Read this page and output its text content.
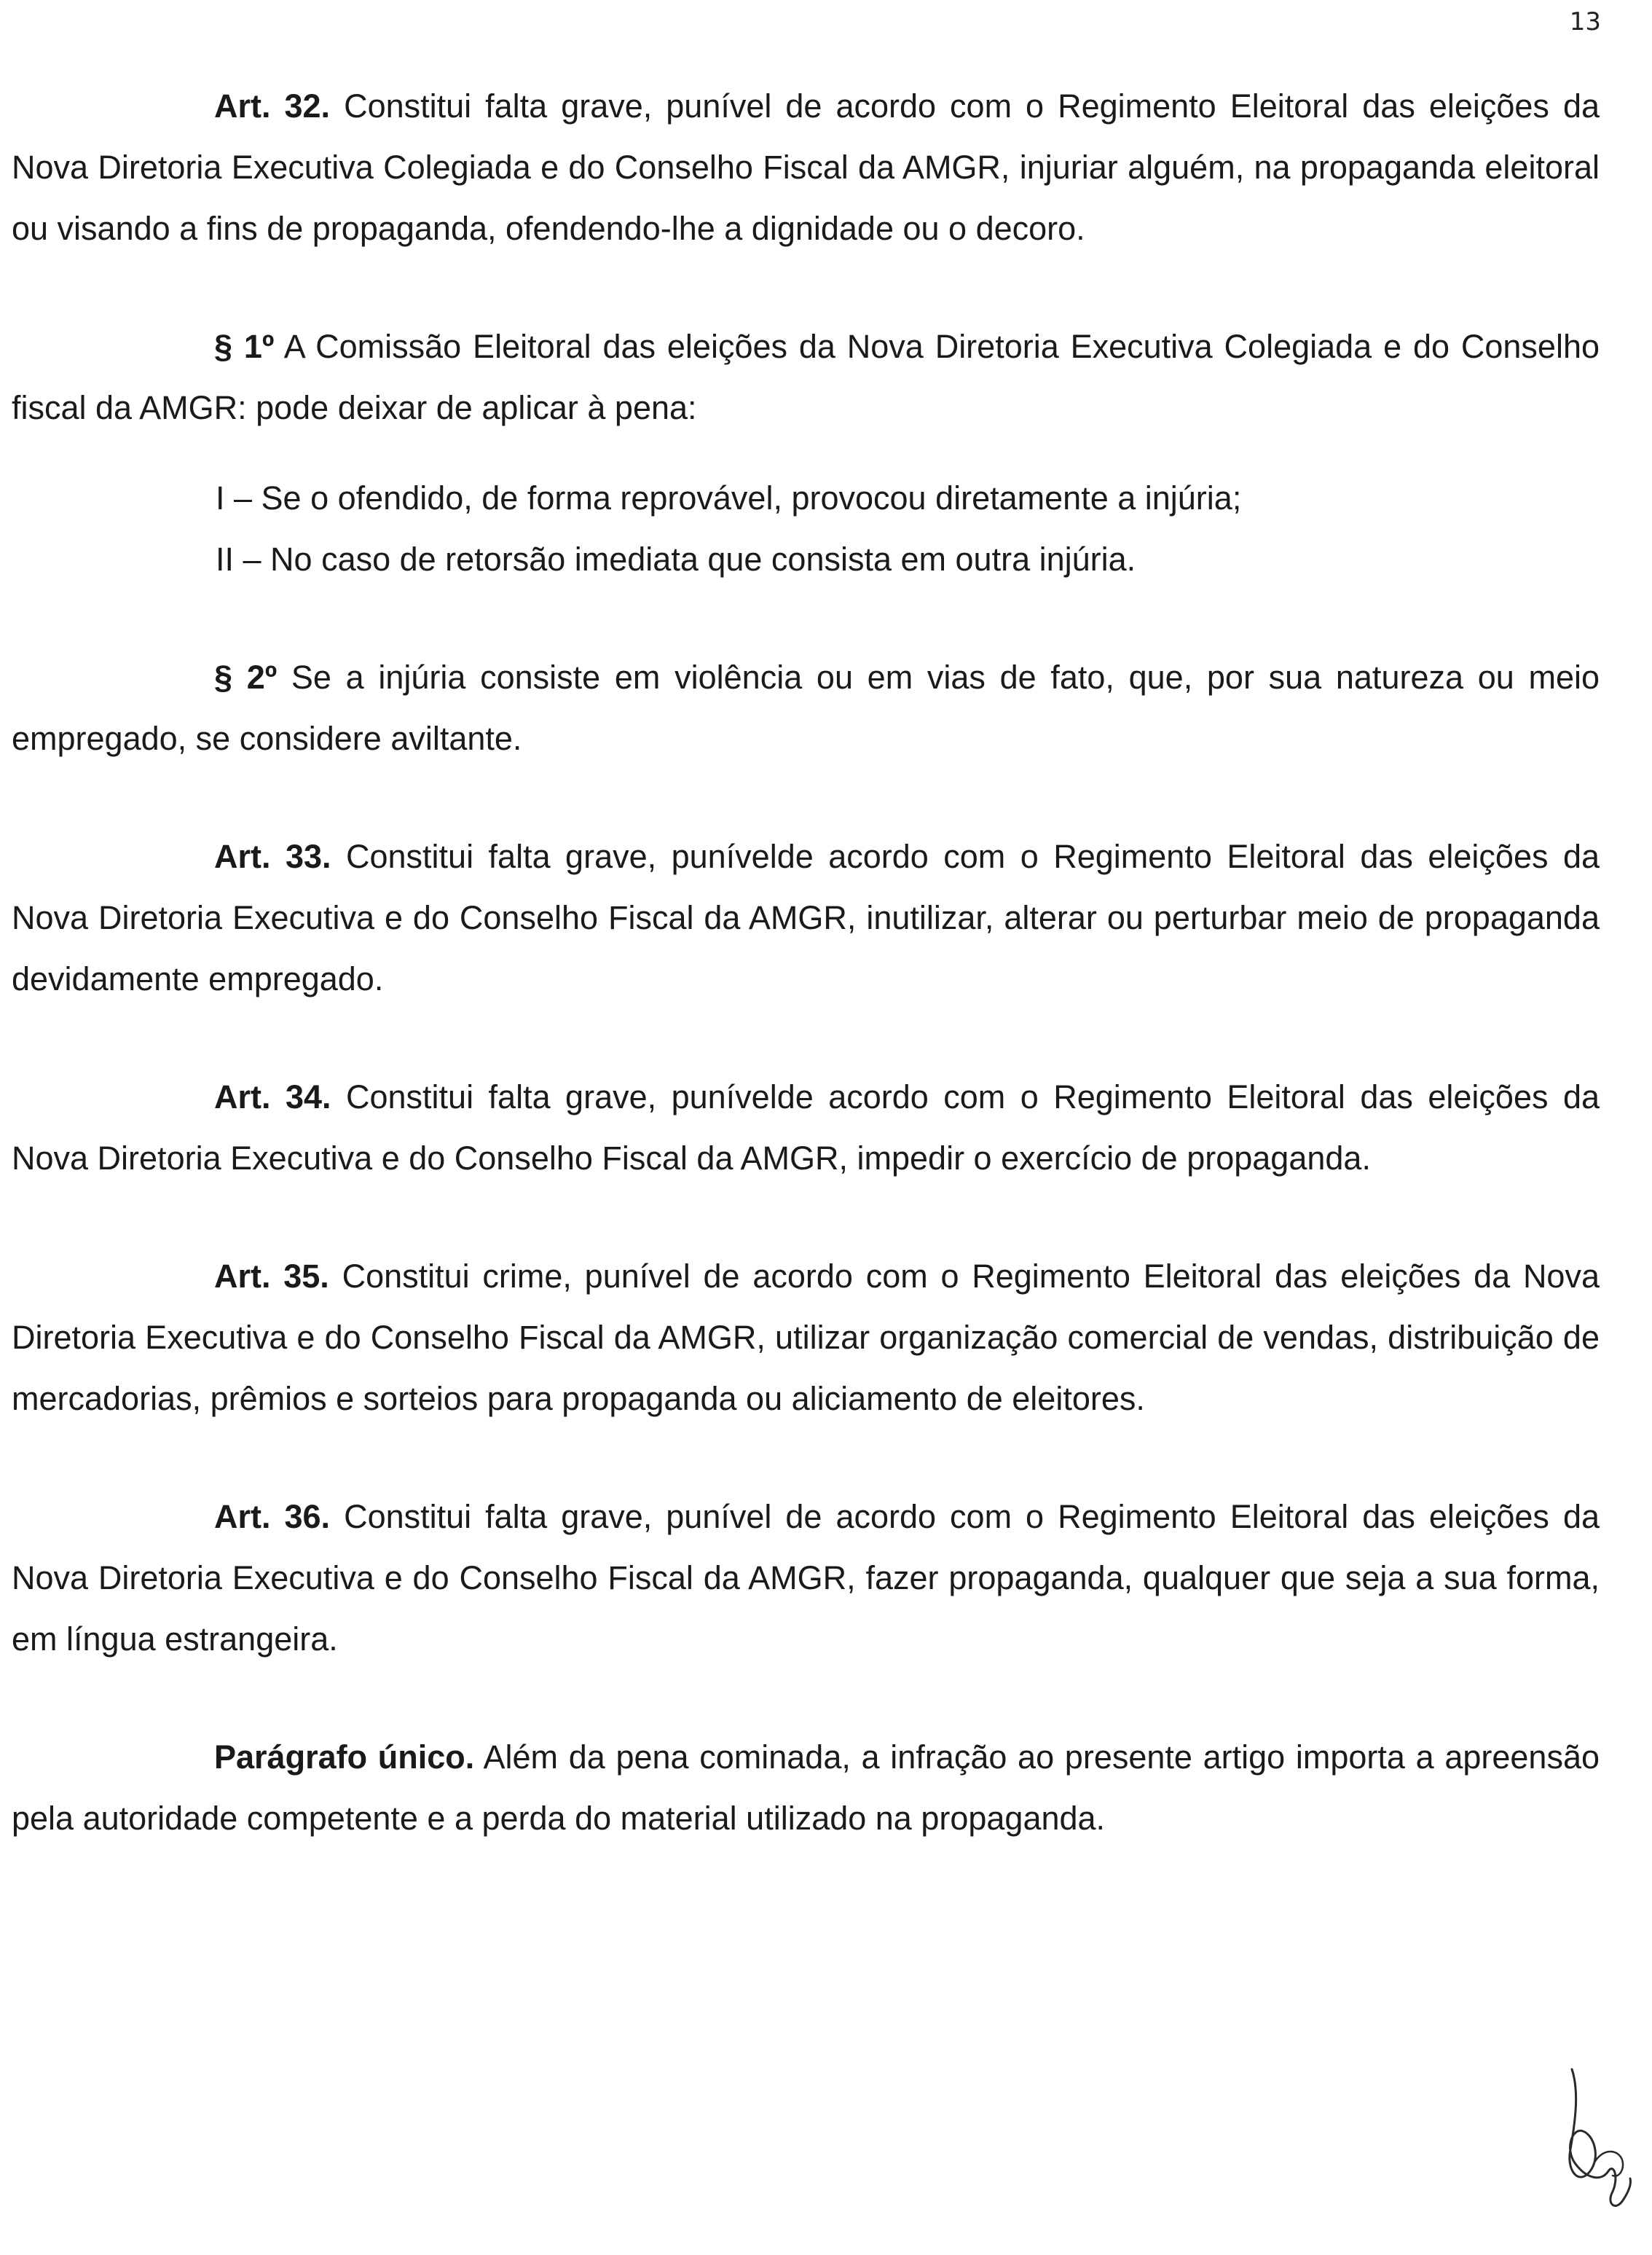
13

Art. 32. Constitui falta grave, punível de acordo com o Regimento Eleitoral das eleições da Nova Diretoria Executiva Colegiada e do Conselho Fiscal da AMGR, injuriar alguém, na propaganda eleitoral ou visando a fins de propaganda, ofendendo-lhe a dignidade ou o decoro.

§ 1º A Comissão Eleitoral das eleições da Nova Diretoria Executiva Colegiada e do Conselho fiscal da AMGR: pode deixar de aplicar à pena:

I – Se o ofendido, de forma reprovável, provocou diretamente a injúria;
II – No caso de retorsão imediata que consista em outra injúria.

§ 2º Se a injúria consiste em violência ou em vias de fato, que, por sua natureza ou meio empregado, se considere aviltante.

Art. 33. Constitui falta grave, punívelde acordo com o Regimento Eleitoral das eleições da Nova Diretoria Executiva e do Conselho Fiscal da AMGR, inutilizar, alterar ou perturbar meio de propaganda devidamente empregado.

Art. 34. Constitui falta grave, punívelde acordo com o Regimento Eleitoral das eleições da Nova Diretoria Executiva e do Conselho Fiscal da AMGR, impedir o exercício de propaganda.

Art. 35. Constitui crime, punível de acordo com o Regimento Eleitoral das eleições da Nova Diretoria Executiva e do Conselho Fiscal da AMGR, utilizar organização comercial de vendas, distribuição de mercadorias, prêmios e sorteios para propaganda ou aliciamento de eleitores.

Art. 36. Constitui falta grave, punível de acordo com o Regimento Eleitoral das eleições da Nova Diretoria Executiva e do Conselho Fiscal da AMGR, fazer propaganda, qualquer que seja a sua forma, em língua estrangeira.

Parágrafo único. Além da pena cominada, a infração ao presente artigo importa a apreensão pela autoridade competente e a perda do material utilizado na propaganda.
